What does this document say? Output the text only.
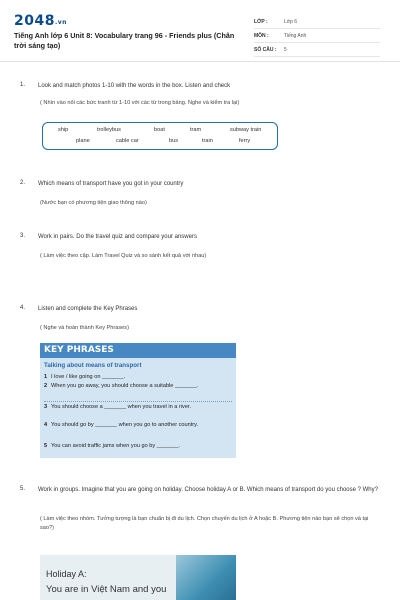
2048.vn
Tiếng Anh lớp 6 Unit 8: Vocabulary trang 96 - Friends plus (Chân trời sáng tạo)
LỚP :	Lớp 6
MÔN :	Tiếng Anh
SỐ CÂU : 5
1. Look and match photos 1-10 with the words in the box. Listen and check
( Nhìn vào nối các bức tranh từ 1-10 với các từ trong bảng. Nghe và kiểm tra lại)
ship	trolleybus	boat	tram	subway train
plane	cable car	bus	train	ferry
2. Which means of transport have you got in your country
(Nước bạn có phương tiện giao thông nào)
3. Work in pairs. Do the travel quiz and compare your answers
( Làm việc theo cặp. Làm Travel Quiz và so sánh kết quả với nhau)
4. Listen and complete the Key Phrases
( Nghe và hoàn thành Key Phrases)
KEY PHRASES
Talking about means of transport
1 I love / like going on _______.
2 When you go away, you should choose a suitable _______.
3 You should choose a _______ when you travel in a river.
4 You should go by _______ when you go to another country.
5 You can avoid traffic jams when you go by _______.
5. Work in groups. Imagine that you are going on holiday. Choose holiday A or B. Which means of transport do you choose ? Why?
( Làm việc theo nhóm. Tưởng tượng là bạn chuẩn bị đi du lịch. Chọn chuyến du lịch ở A hoặc B. Phương tiện nào bạn sẽ chọn và tại sao?)
Holiday A:
You are in Việt Nam and you
